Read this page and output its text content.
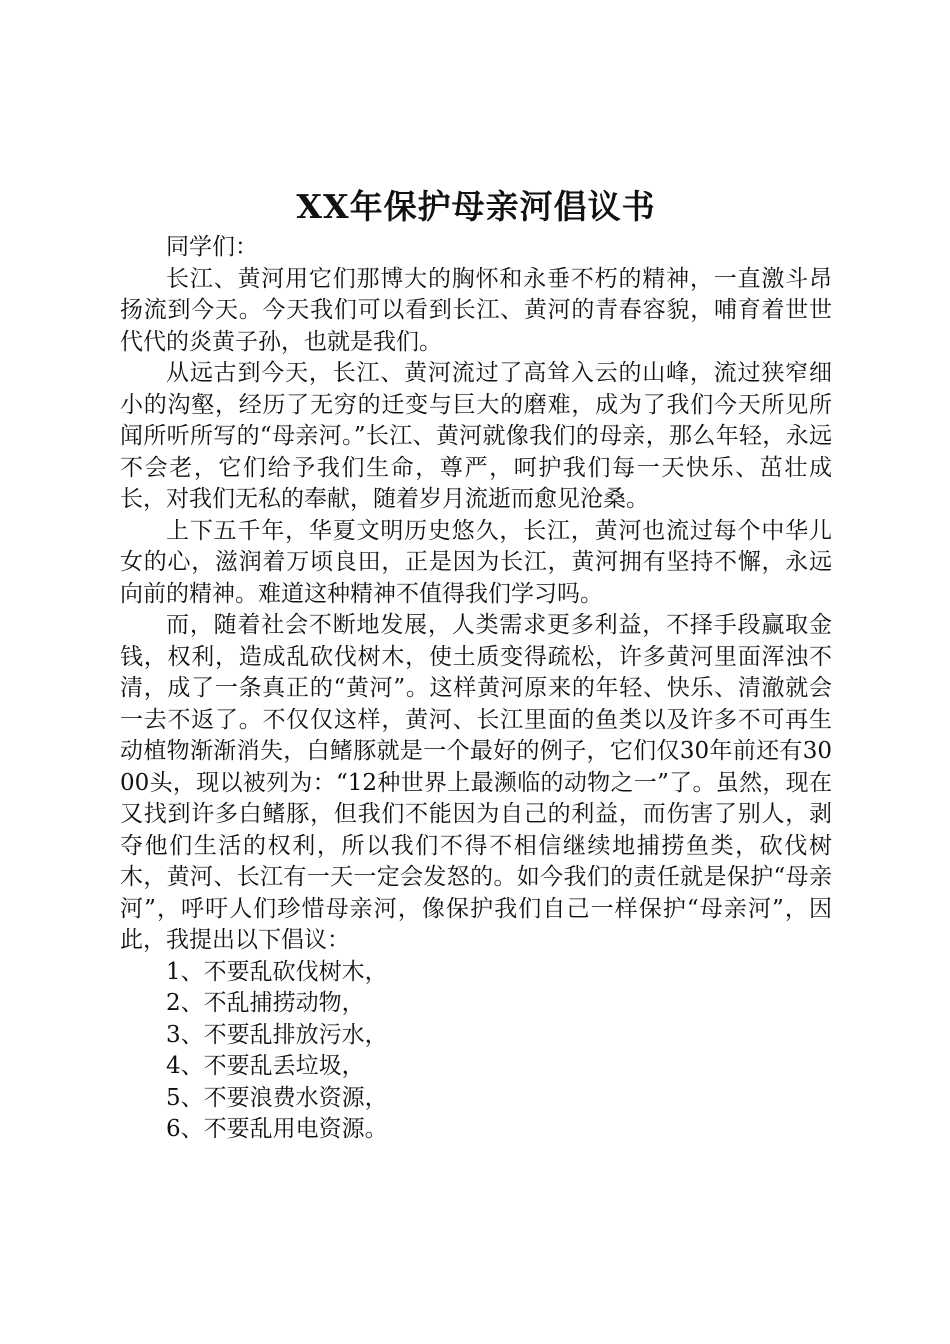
XX年保护母亲河倡议书

同学们：

长江、黄河用它们那博大的胸怀和永垂不朽的精神，一直激斗昂扬流到今天。今天我们可以看到长江、黄河的青春容貌，哺育着世世代代的炎黄子孙，也就是我们。

从远古到今天，长江、黄河流过了高耸入云的山峰，流过狭窄细小的沟壑，经历了无穷的迁变与巨大的磨难，成为了我们今天所见所闻所听所写的“母亲河。”长江、黄河就像我们的母亲，那么年轻，永远不会老，它们给予我们生命，尊严，呵护我们每一天快乐、茁壮成长，对我们无私的奉献，随着岁月流逝而愈见沧桑。

上下五千年，华夏文明历史悠久，长江，黄河也流过每个中华儿女的心，滋润着万顷良田，正是因为长江，黄河拥有坚持不懈，永远向前的精神。难道这种精神不值得我们学习吗。

而，随着社会不断地发展，人类需求更多利益，不择手段赢取金钱，权利，造成乱砍伐树木，使土质变得疏松，许多黄河里面浑浊不清，成了一条真正的“黄河”。这样黄河原来的年轻、快乐、清澈就会一去不返了。不仅仅这样，黄河、长江里面的鱼类以及许多不可再生动植物渐渐消失，白鳍豚就是一个最好的例子，它们仅30年前还有3000头，现以被列为：“12种世界上最濒临的动物之一”了。虽然，现在又找到许多白鳍豚，但我们不能因为自己的利益，而伤害了别人，剥夺他们生活的权利，所以我们不得不相信继续地捕捞鱼类，砍伐树木，黄河、长江有一天一定会发怒的。如今我们的责任就是保护“母亲河”，呼吁人们珍惜母亲河，像保护我们自己一样保护“母亲河”，因此，我提出以下倡议：

1、不要乱砍伐树木，

2、不乱捕捞动物，

3、不要乱排放污水，

4、不要乱丢垃圾，

5、不要浪费水资源，

6、不要乱用电资源。
